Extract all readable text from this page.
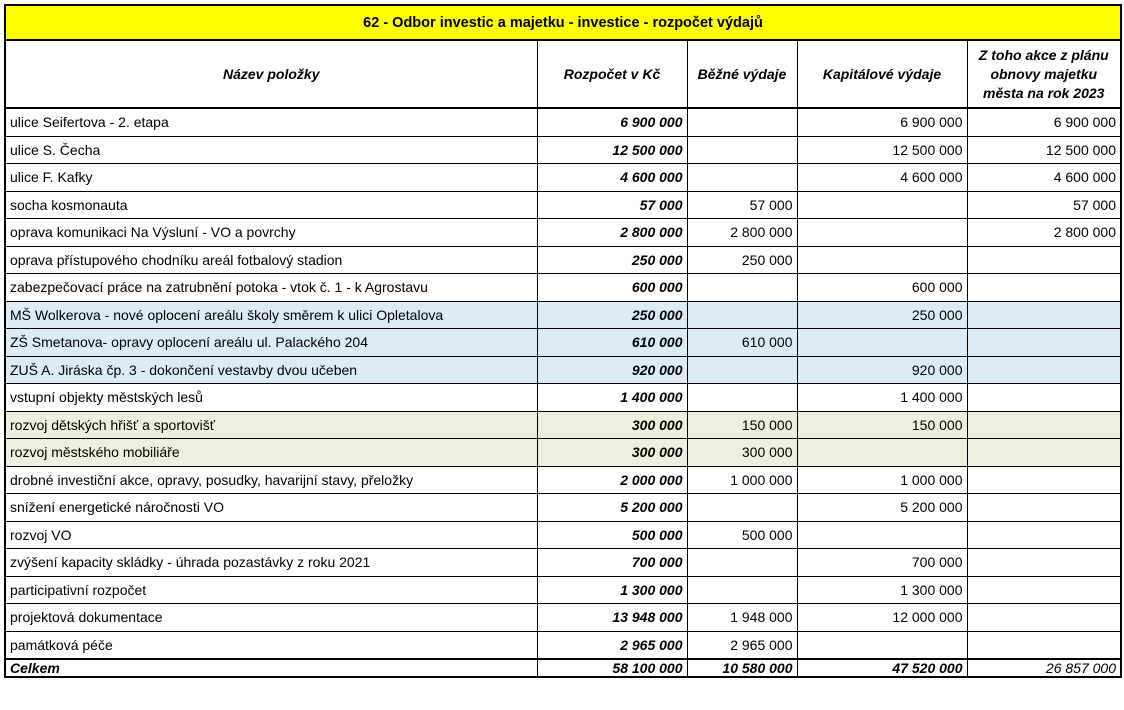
62 - Odbor investic a majetku - investice - rozpočet výdajů				
Název položky	Rozpočet v Kč	Běžné výdaje	Kapitálové výdaje	Z toho akce z plánu obnovy majetku města na rok 2023
ulice Seifertova - 2. etapa	6 900 000		6 900 000	6 900 000
ulice S. Čecha	12 500 000		12 500 000	12 500 000
ulice F. Kafky	4 600 000		4 600 000	4 600 000
socha kosmonauta	57 000	57 000		57 000
oprava komunikaci Na Výsluní - VO a povrchy	2 800 000	2 800 000		2 800 000
oprava přístupového chodníku areál fotbalový stadion	250 000	250 000		
zabezpečovací práce na zatrubnění potoka - vtok č. 1 - k Agrostavu	600 000		600 000	
MŠ Wolkerova - nové oplocení areálu školy směrem k ulici Opletalova	250 000		250 000	
ZŠ Smetanova- opravy oplocení areálu ul. Palackého 204	610 000	610 000		
ZUŠ A. Jiráska čp. 3 - dokončení vestavby dvou učeben	920 000		920 000	
vstupní objekty městských lesů	1 400 000		1 400 000	
rozvoj dětských hřišť a sportovišť	300 000	150 000	150 000	
rozvoj městského mobiliáře	300 000	300 000		
drobné investiční akce, opravy, posudky, havarijní stavy, přeložky	2 000 000	1 000 000	1 000 000	
snížení energetické náročnosti VO	5 200 000		5 200 000	
rozvoj VO	500 000	500 000		
zvýšení kapacity skládky - úhrada pozastávky z roku 2021	700 000		700 000	
participativní rozpočet	1 300 000		1 300 000	
projektová dokumentace	13 948 000	1 948 000	12 000 000	
památková péče	2 965 000	2 965 000		
Celkem	58 100 000	10 580 000	47 520 000	26 857 000
